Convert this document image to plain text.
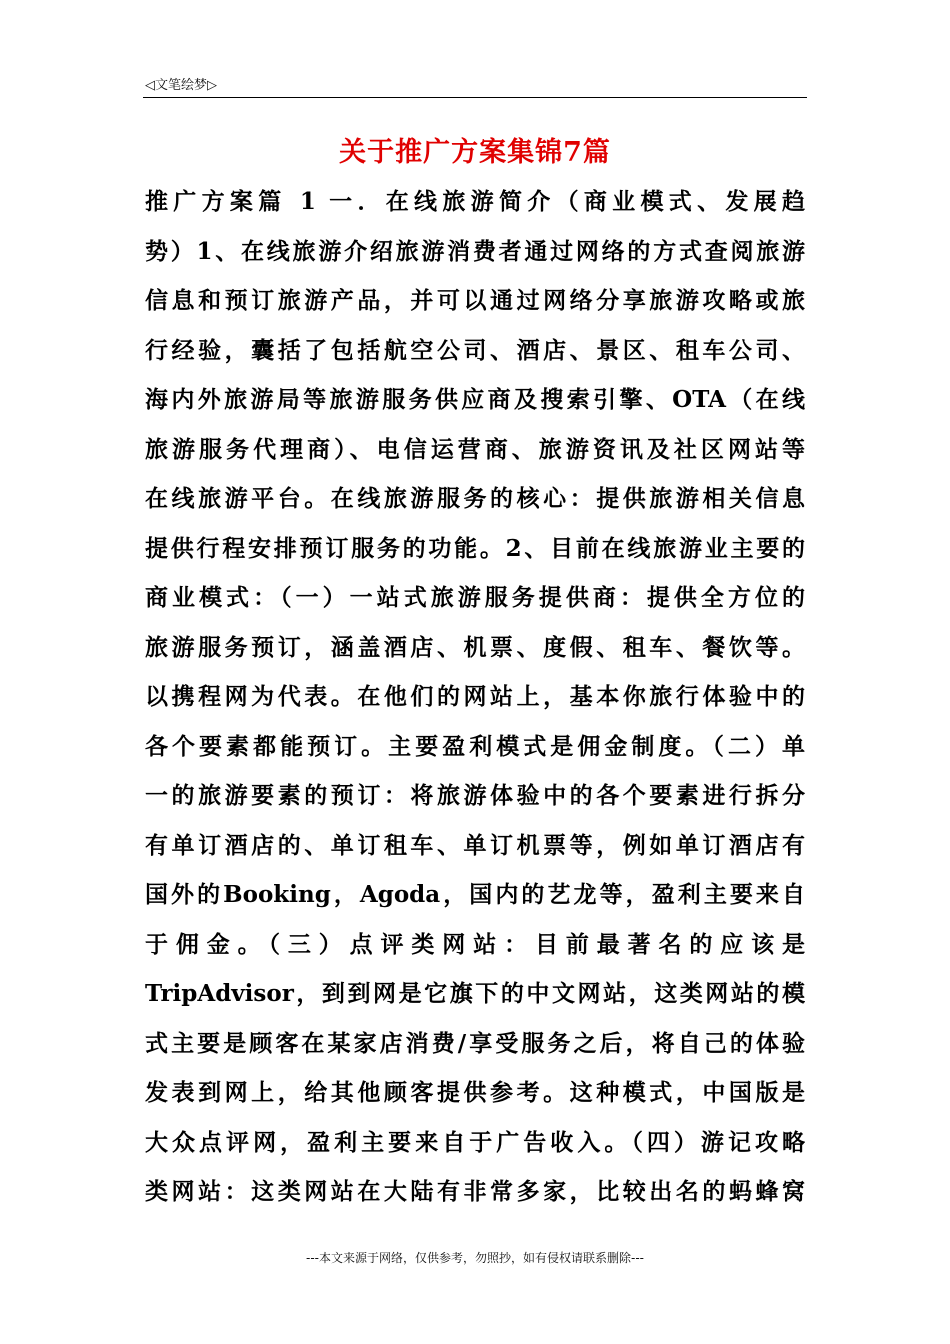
◁文笔绘梦▷
关于推广方案集锦7篇
推广方案篇 1 一．在线旅游简介（商业模式、发展趋
势）1、在线旅游介绍旅游消费者通过网络的方式查阅旅游
信息和预订旅游产品，并可以通过网络分享旅游攻略或旅
行经验，囊括了包括航空公司、酒店、景区、租车公司、
海内外旅游局等旅游服务供应商及搜索引擎、OTA（在线
旅游服务代理商）、电信运营商、旅游资讯及社区网站等
在线旅游平台。在线旅游服务的核心：提供旅游相关信息
提供行程安排预订服务的功能。2、目前在线旅游业主要的
商业模式：（一）一站式旅游服务提供商：提供全方位的
旅游服务预订，涵盖酒店、机票、度假、租车、餐饮等。
以携程网为代表。在他们的网站上，基本你旅行体验中的
各个要素都能预订。主要盈利模式是佣金制度。（二）单
一的旅游要素的预订：将旅游体验中的各个要素进行拆分
有单订酒店的、单订租车、单订机票等，例如单订酒店有
国外的Booking，Agoda，国内的艺龙等，盈利主要来自
于佣金。（三）点评类网站：目前最著名的应该是
TripAdvisor，到到网是它旗下的中文网站，这类网站的模
式主要是顾客在某家店消费/享受服务之后，将自己的体验
发表到网上，给其他顾客提供参考。这种模式，中国版是
大众点评网，盈利主要来自于广告收入。（四）游记攻略
类网站：这类网站在大陆有非常多家，比较出名的蚂蜂窝
---本文来源于网络，仅供参考，勿照抄，如有侵权请联系删除---
